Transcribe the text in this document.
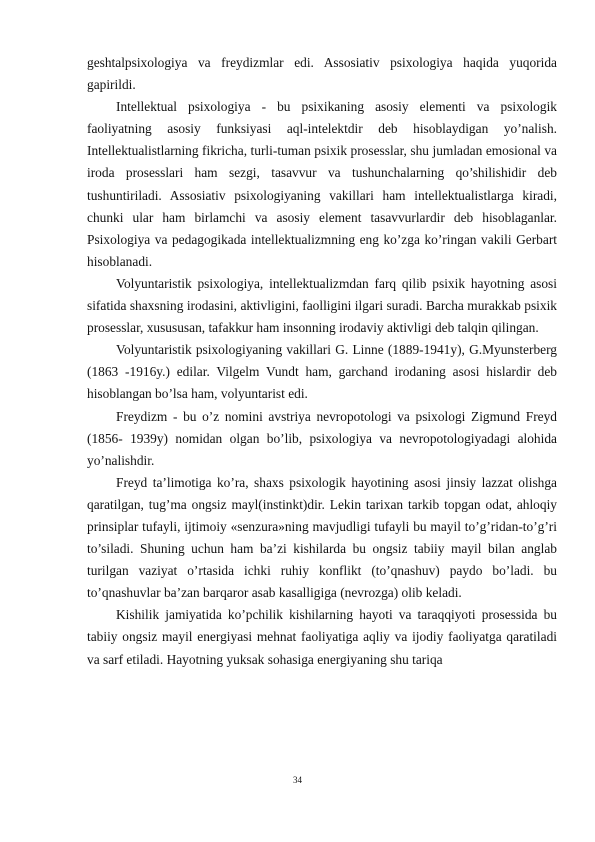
geshtalpsixologiya va freydizmlar edi. Assosiativ psixologiya haqida yuqorida gapirildi.

Intellektual psixologiya - bu psixikaning asosiy elementi va psixologik faoliyatning asosiy funksiyasi aql-intelektdir deb hisoblaydigan yo’nalish. Intellektualistlarning fikricha, turli-tuman psixik prosesslar, shu jumladan emosional va iroda prosesslari ham sezgi, tasavvur va tushunchalarning qo’shilishidir deb tushuntiriladi. Assosiativ psixologiyaning vakillari ham intellektualistlarga kiradi, chunki ular ham birlamchi va asosiy element tasavvurlardir deb hisoblaganlar. Psixologiya va pedagogikada intellektualizmning eng ko’zga ko’ringan vakili Gerbart hisoblanadi.

Volyuntaristik psixologiya, intellektualizmdan farq qilib psixik hayotning asosi sifatida shaxsning irodasini, aktivligini, faolligini ilgari suradi. Barcha murakkab psixik prosesslar, xusususan, tafakkur ham insonning irodaviy aktivligi deb talqin qilingan.

Volyuntaristik psixologiyaning vakillari G. Linne (1889-1941y), G.Myunsterberg (1863 -1916y.) edilar. Vilgelm Vundt ham, garchand irodaning asosi hislardir deb hisoblangan bo’lsa ham, volyuntarist edi.

Freydizm - bu o’z nomini avstriya nevropotologi va psixologi Zigmund Freyd (1856- 1939y) nomidan olgan bo’lib, psixologiya va nevropotologiyadagi alohida yo’nalishdir.

Freyd ta’limotiga ko’ra, shaxs psixologik hayotining asosi jinsiy lazzat olishga qaratilgan, tug’ma ongsiz mayl(instinkt)dir. Lekin tarixan tarkib topgan odat, ahloqiy prinsiplar tufayli, ijtimoiy «senzura»ning mavjudligi tufayli bu mayil to’g’ridan-to’g’ri to’siladi. Shuning uchun ham ba’zi kishilarda bu ongsiz tabiiy mayil bilan anglab turilgan vaziyat o’rtasida ichki ruhiy konflikt (to’qnashuv) paydo bo’ladi. bu to’qnashuvlar ba’zan barqaror asab kasalligiga (nevrozga) olib keladi.

Kishilik jamiyatida ko’pchilik kishilarning hayoti va taraqqiyoti prosessida bu tabiiy ongsiz mayil energiyasi mehnat faoliyatiga aqliy va ijodiy faoliyatga qaratiladi va sarf etiladi. Hayotning yuksak sohasiga energiyaning shu tariqa

34
